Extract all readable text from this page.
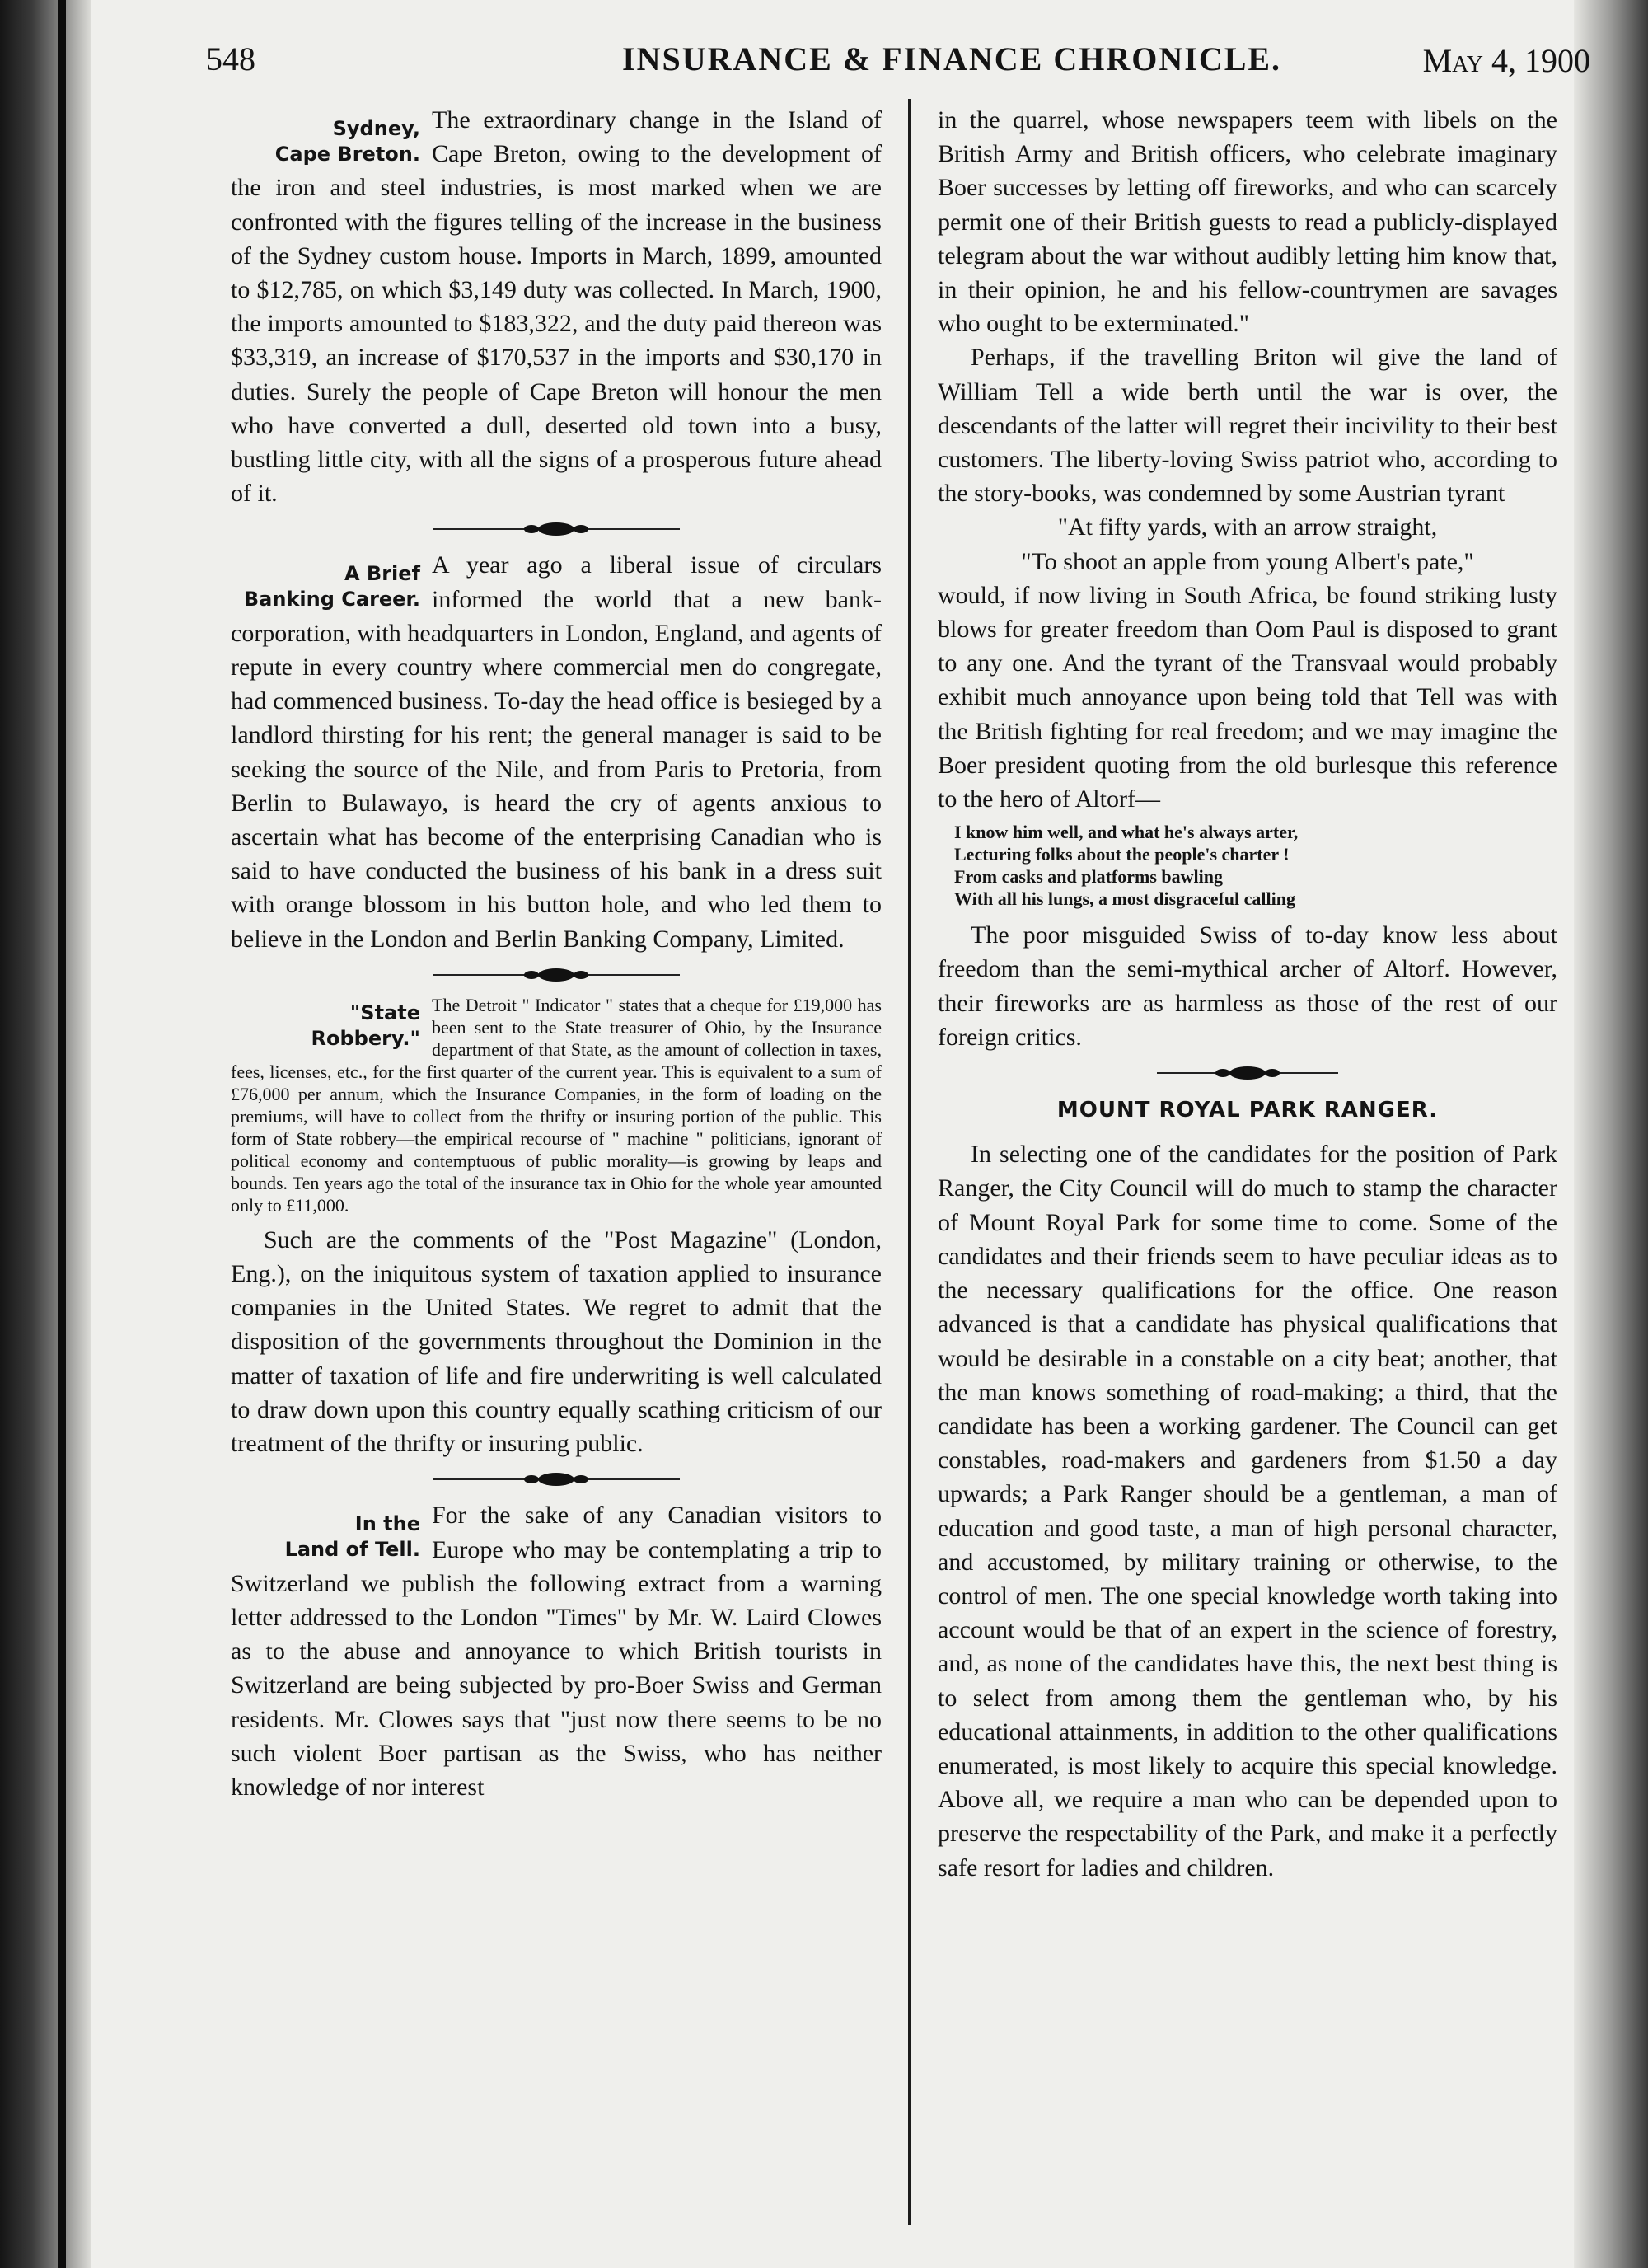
548	INSURANCE & FINANCE CHRONICLE.	May 4, 1900
Sydney,
Cape Breton.

The extraordinary change in the Island of Cape Breton, owing to the development of the iron and steel industries, is most marked when we are confronted with the figures telling of the increase in the business of the Sydney custom house. Imports in March, 1899, amounted to $12,785, on which $3,149 duty was collected. In March, 1900, the imports amounted to $183,322, and the duty paid thereon was $33,319, an increase of $170,537 in the imports and $30,170 in duties. Surely the people of Cape Breton will honour the men who have converted a dull, deserted old town into a busy, bustling little city, with all the signs of a prosperous future ahead of it.

A Brief
Banking Career.

A year ago a liberal issue of circulars informed the world that a new bank-corporation, with headquarters in London, England, and agents of repute in every country where commercial men do congregate, had commenced business. To-day the head office is besieged by a landlord thirsting for his rent; the general manager is said to be seeking the source of the Nile, and from Paris to Pretoria, from Berlin to Bulawayo, is heard the cry of agents anxious to ascertain what has become of the enterprising Canadian who is said to have conducted the business of his bank in a dress suit with orange blossom in his button hole, and who led them to believe in the London and Berlin Banking Company, Limited.

"State
Robbery."

The Detroit " Indicator " states that a cheque for £19,000 has been sent to the State treasurer of Ohio, by the Insurance department of that State, as the amount of collection in taxes, fees, licenses, etc., for the first quarter of the current year. This is equivalent to a sum of £76,000 per annum, which the Insurance Companies, in the form of loading on the premiums, will have to collect from the thrifty or insuring portion of the public. This form of State robbery—the empirical recourse of " machine " politicians, ignorant of political economy and contemptuous of public morality—is growing by leaps and bounds. Ten years ago the total of the insurance tax in Ohio for the whole year amounted only to £11,000.

Such are the comments of the "Post Magazine" (London, Eng.), on the iniquitous system of taxation applied to insurance companies in the United States. We regret to admit that the disposition of the governments throughout the Dominion in the matter of taxation of life and fire underwriting is well calculated to draw down upon this country equally scathing criticism of our treatment of the thrifty or insuring public.

In the
Land of Tell.

For the sake of any Canadian visitors to Europe who may be contemplating a trip to Switzerland we publish the following extract from a warning letter addressed to the London "Times" by Mr. W. Laird Clowes as to the abuse and annoyance to which British tourists in Switzerland are being subjected by pro-Boer Swiss and German residents. Mr. Clowes says that "just now there seems to be no such violent Boer partisan as the Swiss, who has neither knowledge of nor interest

in the quarrel, whose newspapers teem with libels on the British Army and British officers, who celebrate imaginary Boer successes by letting off fireworks, and who can scarcely permit one of their British guests to read a publicly-displayed telegram about the war without audibly letting him know that, in their opinion, he and his fellow-countrymen are savages who ought to be exterminated."

Perhaps, if the travelling Briton wil give the land of William Tell a wide berth until the war is over, the descendants of the latter will regret their incivility to their best customers. The liberty-loving Swiss patriot who, according to the story-books, was condemned by some Austrian tyrant

"At fifty yards, with an arrow straight,

"To shoot an apple from young Albert's pate,"

would, if now living in South Africa, be found striking lusty blows for greater freedom than Oom Paul is disposed to grant to any one. And the tyrant of the Transvaal would probably exhibit much annoyance upon being told that Tell was with the British fighting for real freedom; and we may imagine the Boer president quoting from the old burlesque this reference to the hero of Altorf—

I know him well, and what he's always arter,
Lecturing folks about the people's charter !
From casks and platforms bawling
With all his lungs, a most disgraceful calling

The poor misguided Swiss of to-day know less about freedom than the semi-mythical archer of Altorf. However, their fireworks are as harmless as those of the rest of our foreign critics.

MOUNT ROYAL PARK RANGER.

In selecting one of the candidates for the position of Park Ranger, the City Council will do much to stamp the character of Mount Royal Park for some time to come. Some of the candidates and their friends seem to have peculiar ideas as to the necessary qualifications for the office. One reason advanced is that a candidate has physical qualifications that would be desirable in a constable on a city beat; another, that the man knows something of road-making; a third, that the candidate has been a working gardener. The Council can get constables, road-makers and gardeners from $1.50 a day upwards; a Park Ranger should be a gentleman, a man of education and good taste, a man of high personal character, and accustomed, by military training or otherwise, to the control of men. The one special knowledge worth taking into account would be that of an expert in the science of forestry, and, as none of the candidates have this, the next best thing is to select from among them the gentleman who, by his educational attainments, in addition to the other qualifications enumerated, is most likely to acquire this special knowledge. Above all, we require a man who can be depended upon to preserve the respectability of the Park, and make it a perfectly safe resort for ladies and children.
